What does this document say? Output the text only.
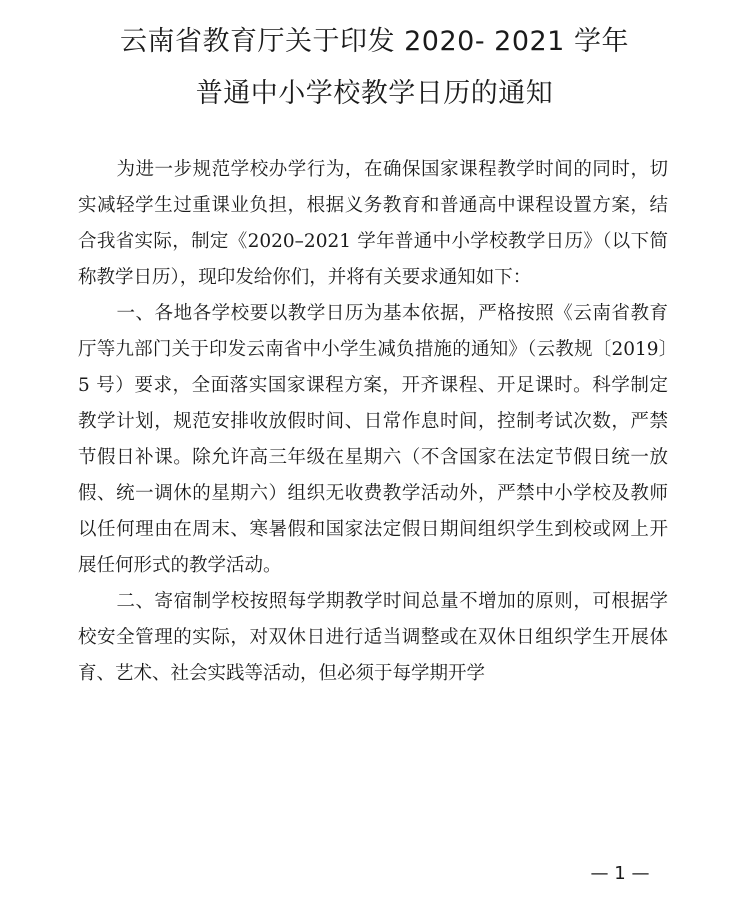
云南省教育厅关于印发 2020- 2021 学年
普通中小学校教学日历的通知

为进一步规范学校办学行为，在确保国家课程教学时间的同时，切实减轻学生过重课业负担，根据义务教育和普通高中课程设置方案，结合我省实际，制定《2020–2021 学年普通中小学校教学日历》（以下简称教学日历），现印发给你们，并将有关要求通知如下：

一、各地各学校要以教学日历为基本依据，严格按照《云南省教育厅等九部门关于印发云南省中小学生减负措施的通知》（云教规〔2019〕5 号）要求，全面落实国家课程方案，开齐课程、开足课时。科学制定教学计划，规范安排收放假时间、日常作息时间，控制考试次数，严禁节假日补课。除允许高三年级在星期六（不含国家在法定节假日统一放假、统一调休的星期六）组织无收费教学活动外，严禁中小学校及教师以任何理由在周末、寒暑假和国家法定假日期间组织学生到校或网上开展任何形式的教学活动。

二、寄宿制学校按照每学期教学时间总量不增加的原则，可根据学校安全管理的实际，对双休日进行适当调整或在双休日组织学生开展体育、艺术、社会实践等活动，但必须于每学期开学

— 1 —
